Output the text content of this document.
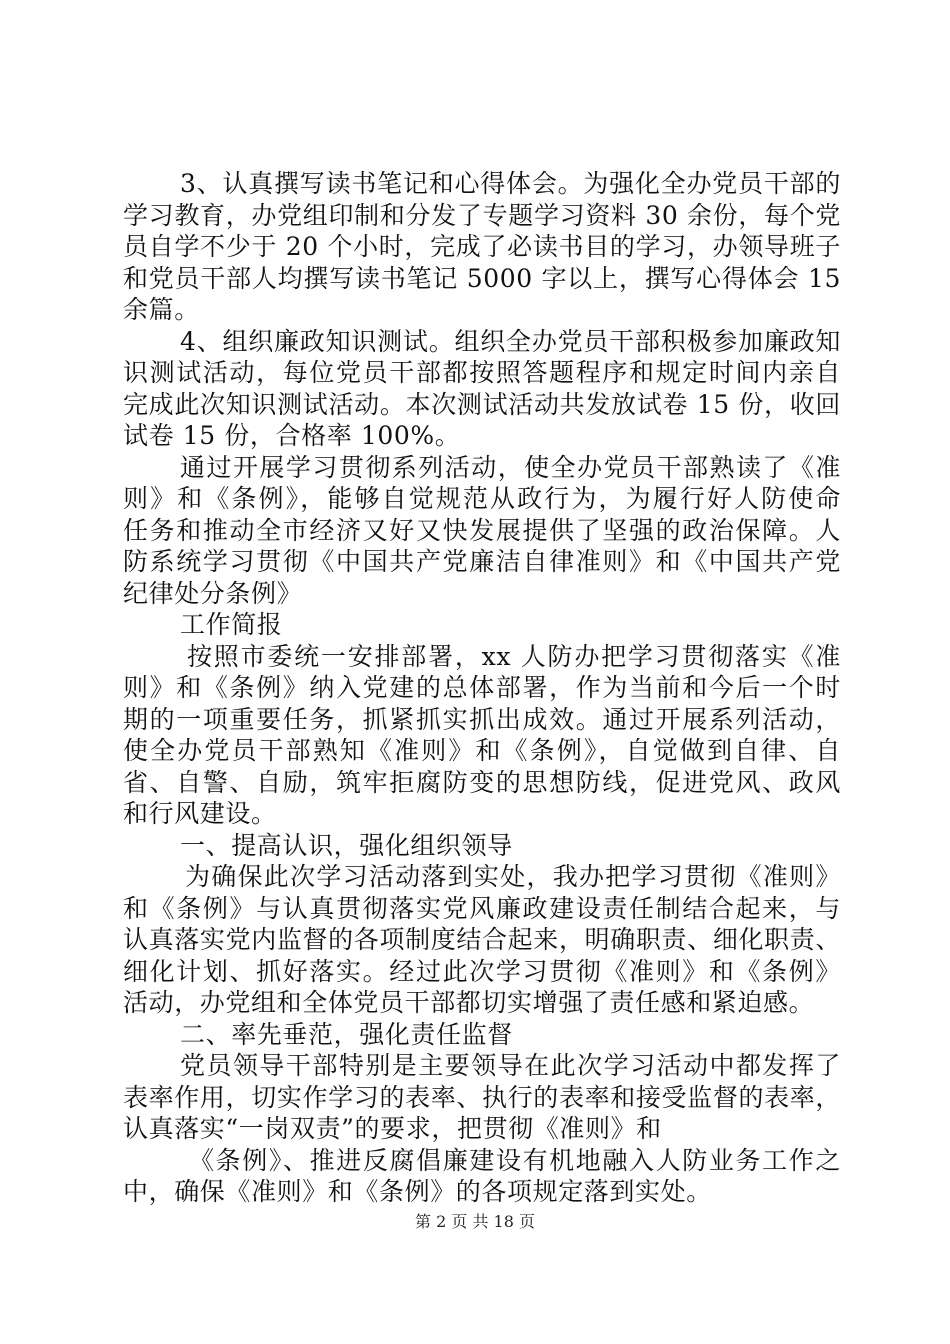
3、认真撰写读书笔记和心得体会。为强化全办党员干部的
学习教育，办党组印制和分发了专题学习资料 30 余份，每个党
员自学不少于 20 个小时，完成了必读书目的学习，办领导班子
和党员干部人均撰写读书笔记 5000 字以上，撰写心得体会 15
余篇。
4、组织廉政知识测试。组织全办党员干部积极参加廉政知
识测试活动，每位党员干部都按照答题程序和规定时间内亲自
完成此次知识测试活动。本次测试活动共发放试卷 15 份，收回
试卷 15 份，合格率 100%。
通过开展学习贯彻系列活动，使全办党员干部熟读了《准
则》和《条例》，能够自觉规范从政行为，为履行好人防使命
任务和推动全市经济又好又快发展提供了坚强的政治保障。人
防系统学习贯彻《中国共产党廉洁自律准则》和《中国共产党
纪律处分条例》
工作简报
按照市委统一安排部署，xx 人防办把学习贯彻落实《准
则》和《条例》纳入党建的总体部署，作为当前和今后一个时
期的一项重要任务，抓紧抓实抓出成效。通过开展系列活动，
使全办党员干部熟知《准则》和《条例》，自觉做到自律、自
省、自警、自励，筑牢拒腐防变的思想防线，促进党风、政风
和行风建设。
一、提高认识，强化组织领导
为确保此次学习活动落到实处，我办把学习贯彻《准则》
和《条例》与认真贯彻落实党风廉政建设责任制结合起来，与
认真落实党内监督的各项制度结合起来，明确职责、细化职责、
细化计划、抓好落实。经过此次学习贯彻《准则》和《条例》
活动，办党组和全体党员干部都切实增强了责任感和紧迫感。
二、率先垂范，强化责任监督
党员领导干部特别是主要领导在此次学习活动中都发挥了
表率作用，切实作学习的表率、执行的表率和接受监督的表率，
认真落实“一岗双责”的要求，把贯彻《准则》和
《条例》、推进反腐倡廉建设有机地融入人防业务工作之
中，确保《准则》和《条例》的各项规定落到实处。
第 2 页 共 18 页
